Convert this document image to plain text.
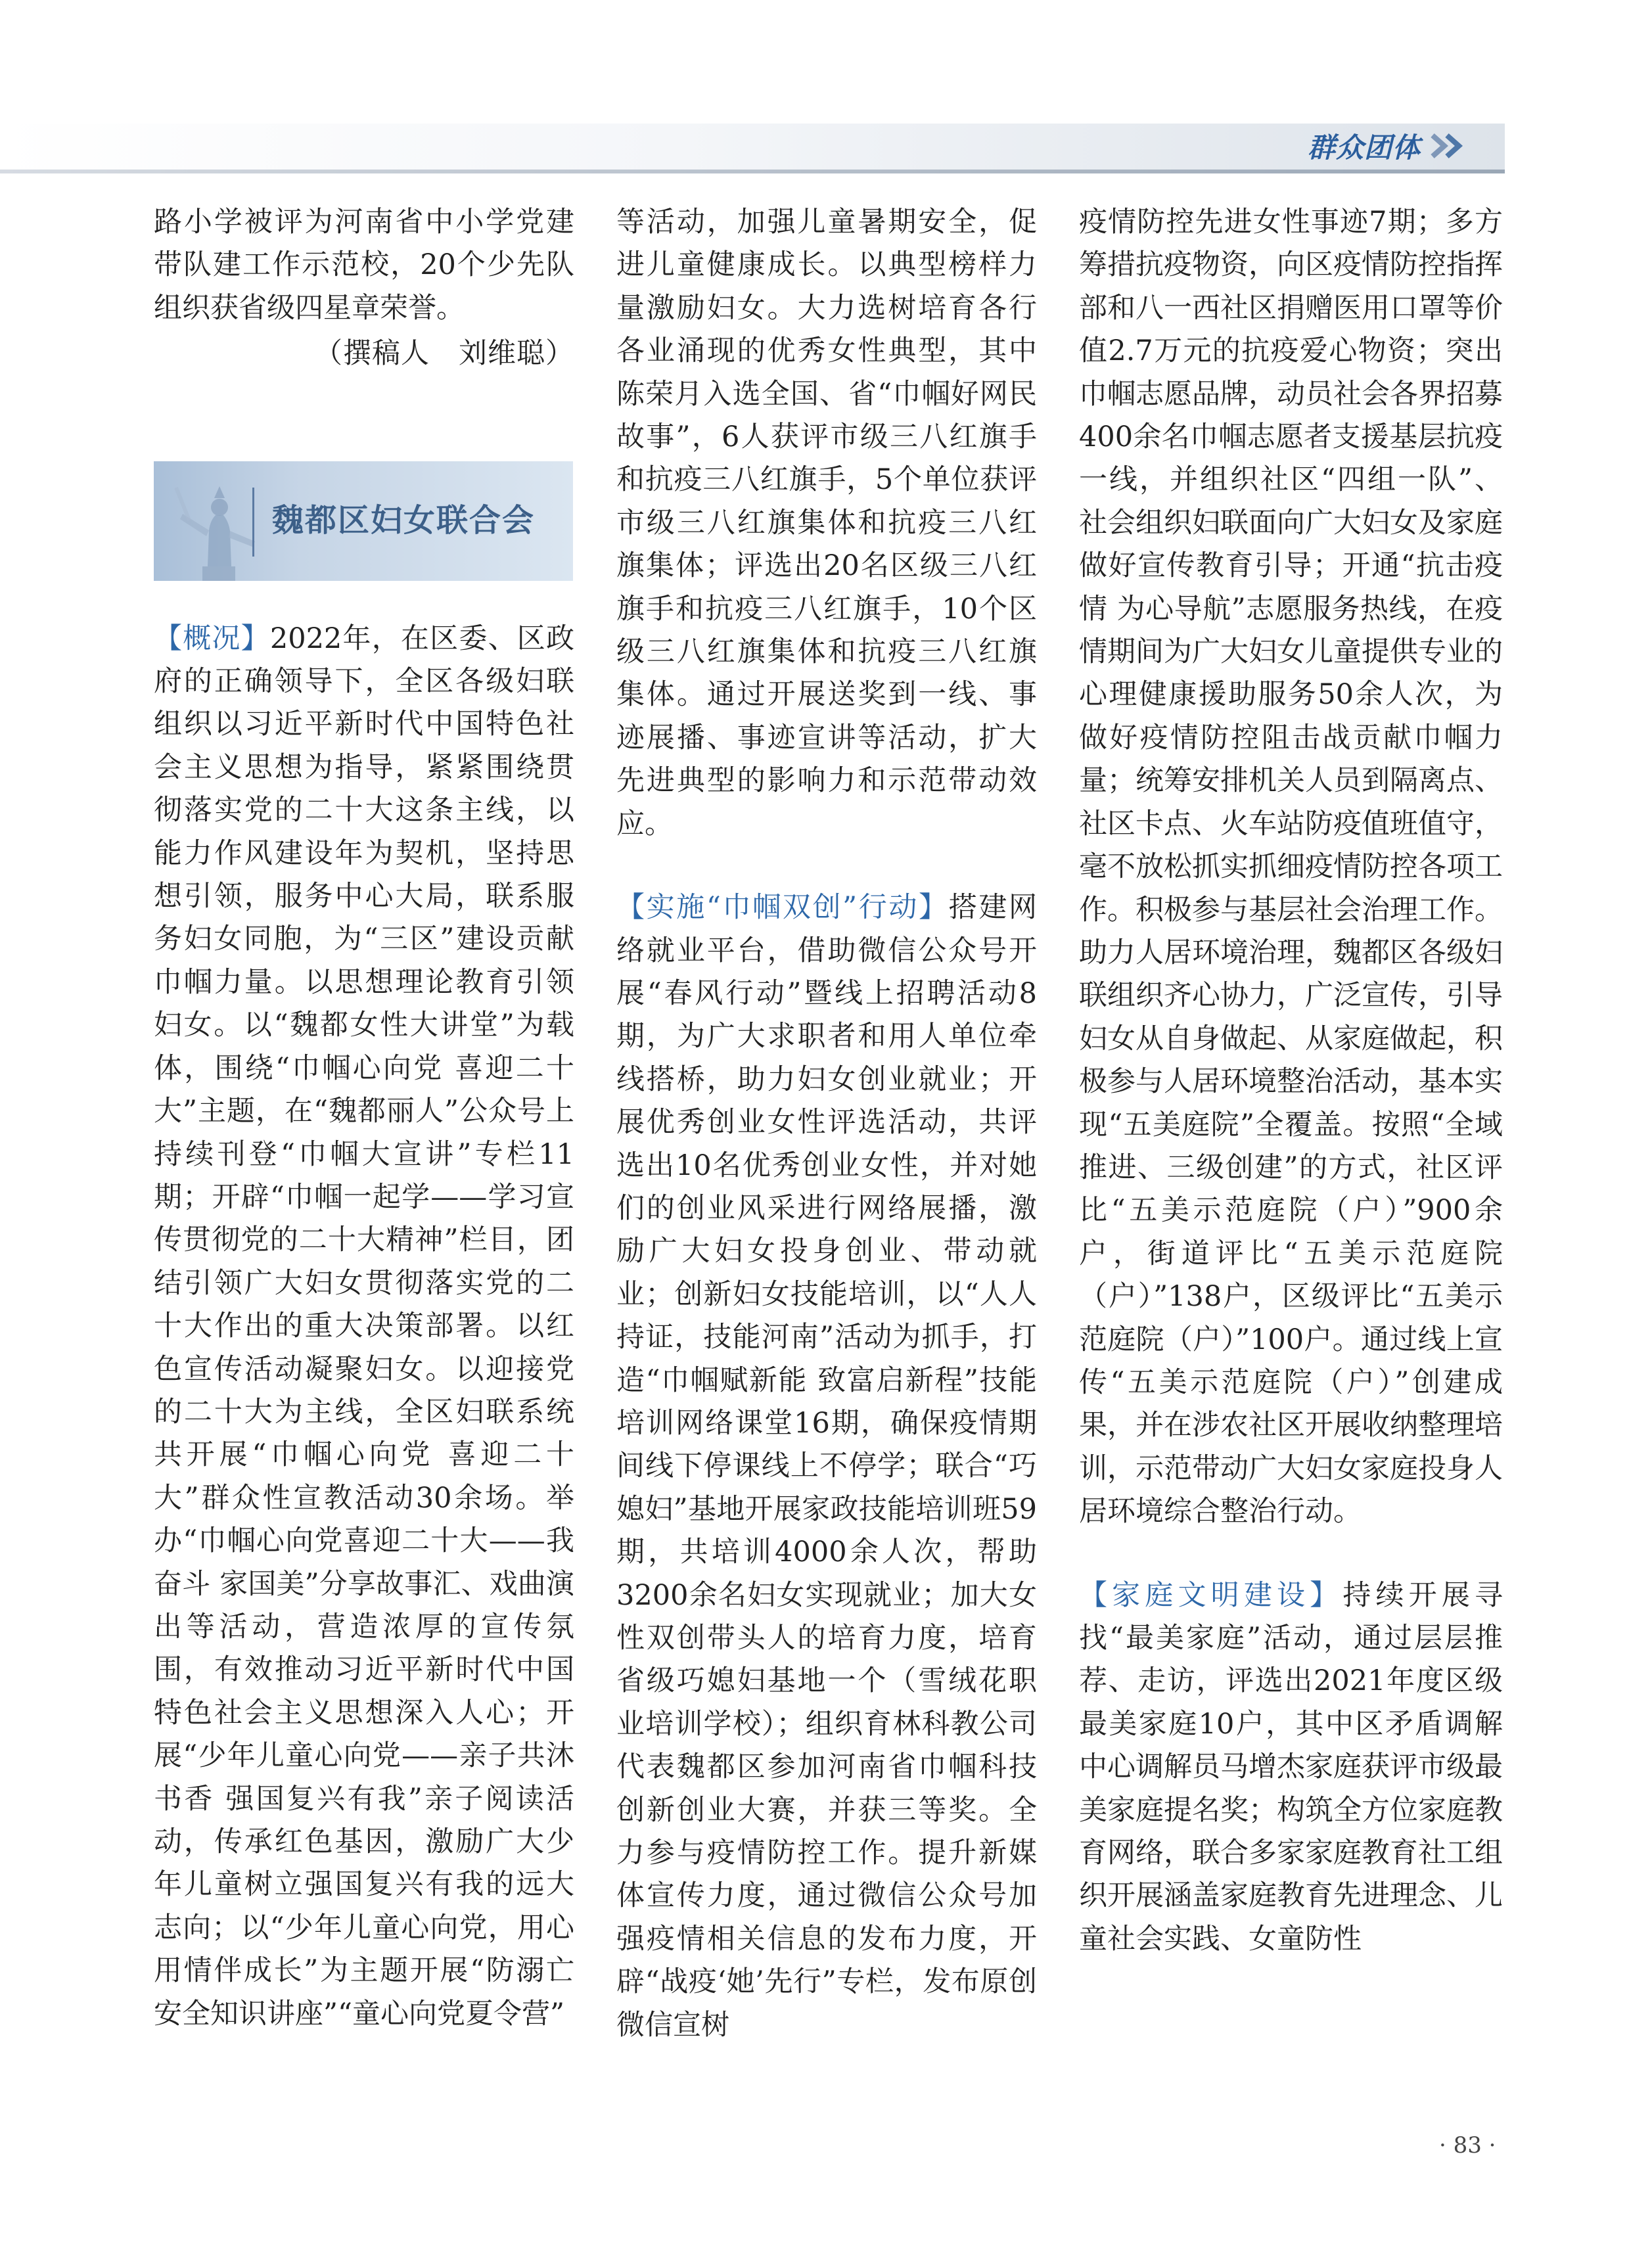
群众团体

路小学被评为河南省中小学党建带队建工作示范校，20个少先队组织获省级四星章荣誉。

（撰稿人　刘维聪）

魏都区妇女联合会

【概况】2022年，在区委、区政府的正确领导下，全区各级妇联组织以习近平新时代中国特色社会主义思想为指导，紧紧围绕贯彻落实党的二十大这条主线，以能力作风建设年为契机，坚持思想引领，服务中心大局，联系服务妇女同胞，为“三区”建设贡献巾帼力量。以思想理论教育引领妇女。以“魏都女性大讲堂”为载体，围绕“巾帼心向党 喜迎二十大”主题，在“魏都丽人”公众号上持续刊登“巾帼大宣讲”专栏11期；开辟“巾帼一起学——学习宣传贯彻党的二十大精神”栏目，团结引领广大妇女贯彻落实党的二十大作出的重大决策部署。以红色宣传活动凝聚妇女。以迎接党的二十大为主线，全区妇联系统共开展“巾帼心向党 喜迎二十大”群众性宣教活动30余场。举办“巾帼心向党喜迎二十大——我奋斗 家国美”分享故事汇、戏曲演出等活动，营造浓厚的宣传氛围，有效推动习近平新时代中国特色社会主义思想深入人心；开展“少年儿童心向党——亲子共沐书香 强国复兴有我”亲子阅读活动，传承红色基因，激励广大少年儿童树立强国复兴有我的远大志向；以“少年儿童心向党，用心用情伴成长”为主题开展“防溺亡安全知识讲座”“童心向党夏令营”

等活动，加强儿童暑期安全，促进儿童健康成长。以典型榜样力量激励妇女。大力选树培育各行各业涌现的优秀女性典型，其中陈荣月入选全国、省“巾帼好网民故事”，6人获评市级三八红旗手和抗疫三八红旗手，5个单位获评市级三八红旗集体和抗疫三八红旗集体；评选出20名区级三八红旗手和抗疫三八红旗手，10个区级三八红旗集体和抗疫三八红旗集体。通过开展送奖到一线、事迹展播、事迹宣讲等活动，扩大先进典型的影响力和示范带动效应。

【实施“巾帼双创”行动】搭建网络就业平台，借助微信公众号开展“春风行动”暨线上招聘活动8期，为广大求职者和用人单位牵线搭桥，助力妇女创业就业；开展优秀创业女性评选活动，共评选出10名优秀创业女性，并对她们的创业风采进行网络展播，激励广大妇女投身创业、带动就业；创新妇女技能培训，以“人人持证，技能河南”活动为抓手，打造“巾帼赋新能 致富启新程”技能培训网络课堂16期，确保疫情期间线下停课线上不停学；联合“巧媳妇”基地开展家政技能培训班59期，共培训4000余人次，帮助3200余名妇女实现就业；加大女性双创带头人的培育力度，培育省级巧媳妇基地一个（雪绒花职业培训学校）；组织育林科教公司代表魏都区参加河南省巾帼科技创新创业大赛，并获三等奖。全力参与疫情防控工作。提升新媒体宣传力度，通过微信公众号加强疫情相关信息的发布力度，开辟“战疫‘她’先行”专栏，发布原创微信宣树

疫情防控先进女性事迹7期；多方筹措抗疫物资，向区疫情防控指挥部和八一西社区捐赠医用口罩等价值2.7万元的抗疫爱心物资；突出巾帼志愿品牌，动员社会各界招募400余名巾帼志愿者支援基层抗疫一线，并组织社区“四组一队”、社会组织妇联面向广大妇女及家庭做好宣传教育引导；开通“抗击疫情 为心导航”志愿服务热线，在疫情期间为广大妇女儿童提供专业的心理健康援助服务50余人次，为做好疫情防控阻击战贡献巾帼力量；统筹安排机关人员到隔离点、社区卡点、火车站防疫值班值守，毫不放松抓实抓细疫情防控各项工作。积极参与基层社会治理工作。助力人居环境治理，魏都区各级妇联组织齐心协力，广泛宣传，引导妇女从自身做起、从家庭做起，积极参与人居环境整治活动，基本实现“五美庭院”全覆盖。按照“全域推进、三级创建”的方式，社区评比“五美示范庭院（户）”900余户，街道评比“五美示范庭院（户）”138户，区级评比“五美示范庭院（户）”100户。通过线上宣传“五美示范庭院（户）”创建成果，并在涉农社区开展收纳整理培训，示范带动广大妇女家庭投身人居环境综合整治行动。

【家庭文明建设】持续开展寻找“最美家庭”活动，通过层层推荐、走访，评选出2021年度区级最美家庭10户，其中区矛盾调解中心调解员马增杰家庭获评市级最美家庭提名奖；构筑全方位家庭教育网络，联合多家家庭教育社工组织开展涵盖家庭教育先进理念、儿童社会实践、女童防性

· 83 ·
